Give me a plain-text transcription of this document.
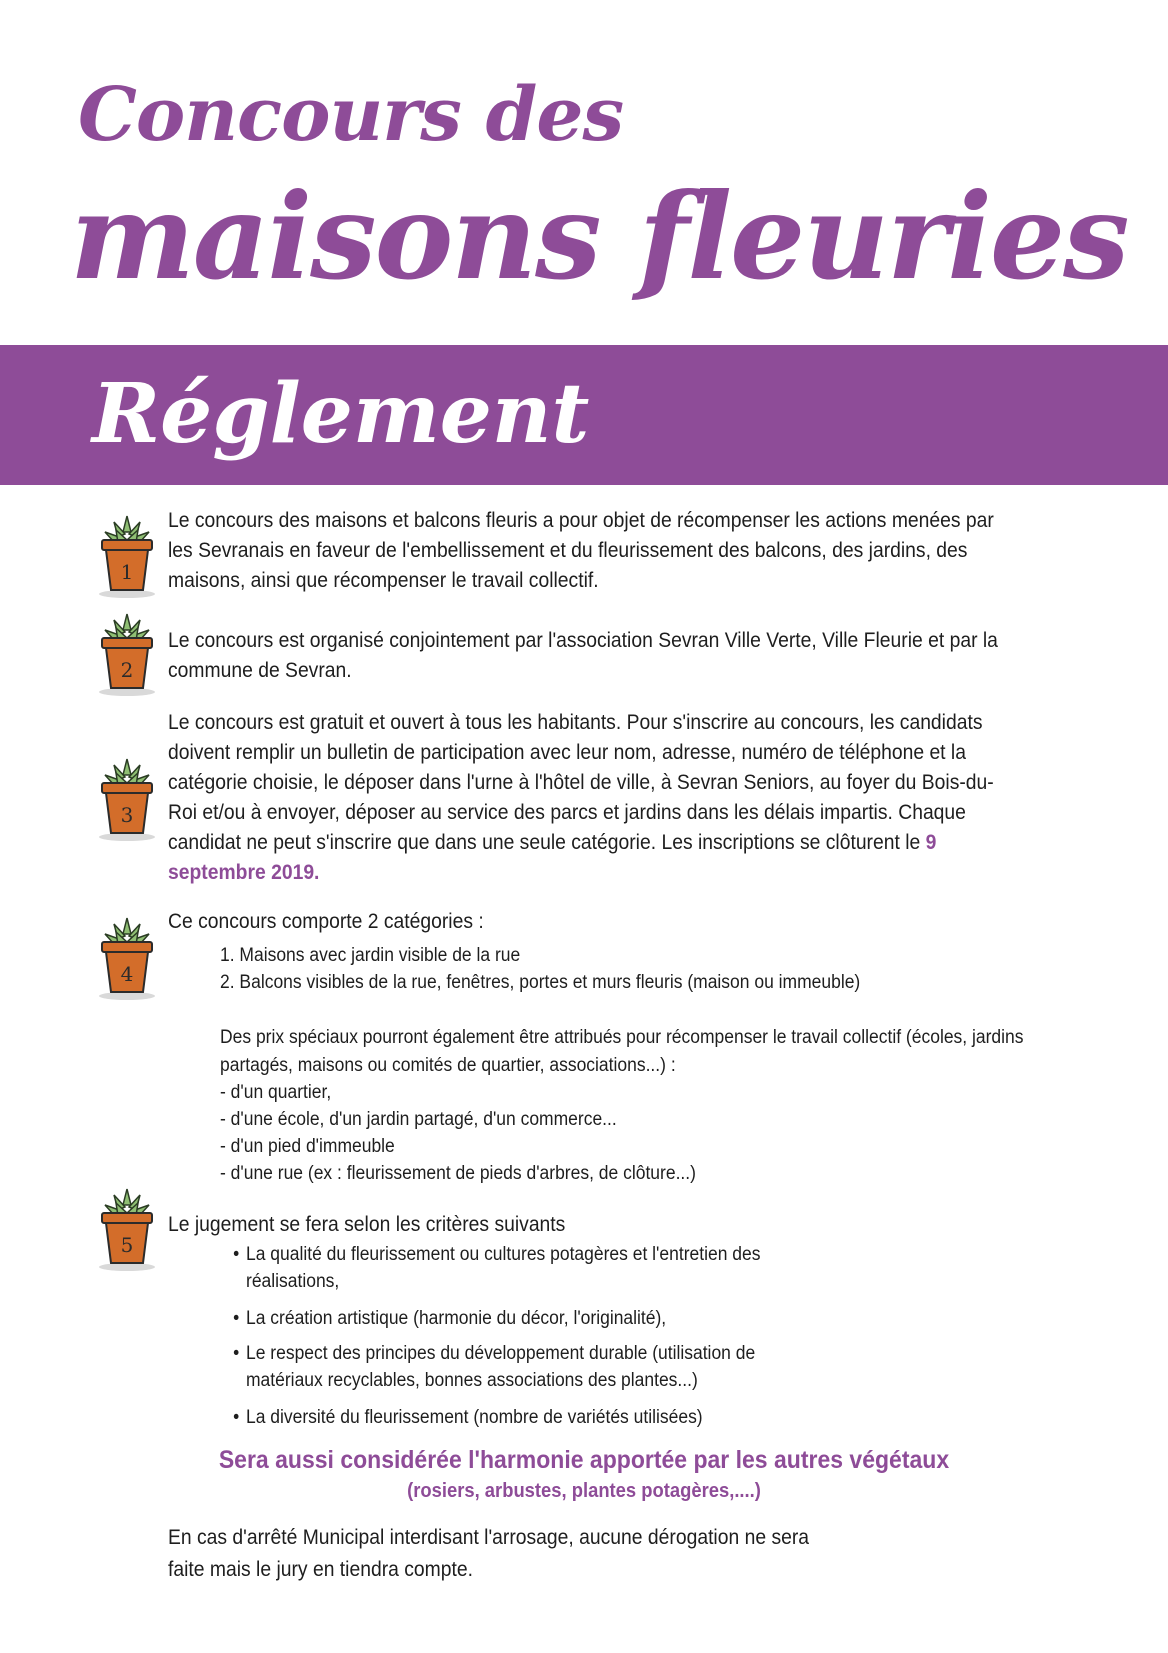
Concours des
maisons fleuries
Réglement
1

Le concours des maisons et balcons fleuris a pour objet de récompenser les actions menées par les Sevranais en faveur de l'embellissement et du fleurissement des balcons, des jardins, des maisons, ainsi que récompenser le travail collectif.

2

Le concours est organisé conjointement par l'association Sevran Ville Verte, Ville Fleurie et par la commune de Sevran.

3

Le concours est gratuit et ouvert à tous les habitants. Pour s'inscrire au concours, les candidats doivent remplir un bulletin de participation avec leur nom, adresse, numéro de téléphone et la catégorie choisie, le déposer dans l'urne à l'hôtel de ville, à Sevran Seniors, au foyer du Bois-du-Roi et/ou à envoyer, déposer au service des parcs et jardins dans les délais impartis. Chaque candidat ne peut s'inscrire que dans une seule catégorie. Les inscriptions se clôturent le 9 septembre 2019.

4

Ce concours comporte 2 catégories :

1. Maisons avec jardin visible de la rue

2. Balcons visibles de la rue, fenêtres, portes et murs fleuris (maison ou immeuble)

Des prix spéciaux pourront également être attribués pour récompenser le travail collectif (écoles, jardins partagés, maisons ou comités de quartier, associations...) :

- d'un quartier,

- d'une école, d'un jardin partagé, d'un commerce...

- d'un pied d'immeuble

- d'une rue (ex : fleurissement de pieds d'arbres, de clôture...)

5

Le jugement se fera selon les critères suivants

• La qualité du fleurissement ou cultures potagères et l'entretien des réalisations,

• La création artistique (harmonie du décor, l'originalité),

• Le respect des principes du développement durable (utilisation de matériaux recyclables, bonnes associations des plantes...)

• La diversité du fleurissement (nombre de variétés utilisées)

Sera aussi considérée l'harmonie apportée par les autres végétaux

(rosiers, arbustes, plantes potagères,....)

En cas d'arrêté Municipal interdisant l'arrosage, aucune dérogation ne sera faite mais le jury en tiendra compte.
